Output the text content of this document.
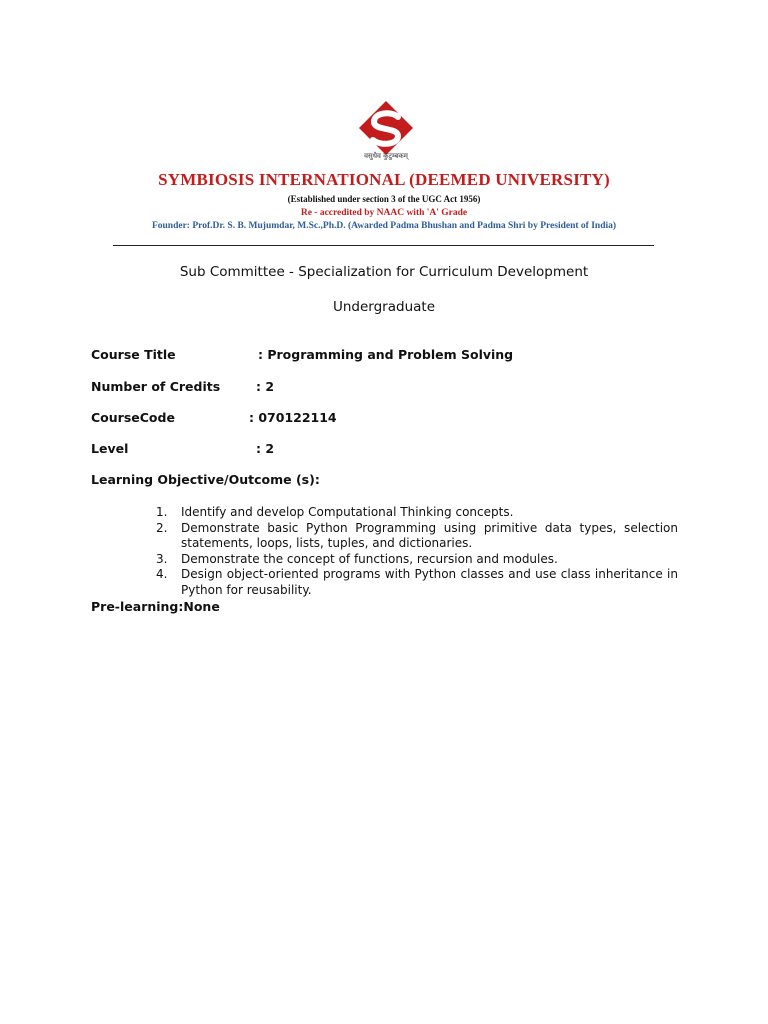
वसुधैव कुटुम्बकम्
SYMBIOSIS INTERNATIONAL (DEEMED UNIVERSITY)
(Established under section 3 of the UGC Act 1956)
Re - accredited by NAAC with 'A' Grade
Founder: Prof.Dr. S. B. Mujumdar, M.Sc.,Ph.D. (Awarded Padma Bhushan and Padma Shri by President of India)
Sub Committee - Specialization for Curriculum Development
Undergraduate
Course Title	: Programming and Problem Solving
Number of Credits	: 2
CourseCode	: 070122114
Level	: 2
Learning Objective/Outcome (s):
1.	Identify and develop Computational Thinking concepts.
2.	Demonstrate basic Python Programming using primitive data types, selection statements, loops, lists, tuples, and dictionaries.
3.	Demonstrate the concept of functions, recursion and modules.
4.	Design object-oriented programs with Python classes and use class inheritance in Python for reusability.
Pre-learning:None
